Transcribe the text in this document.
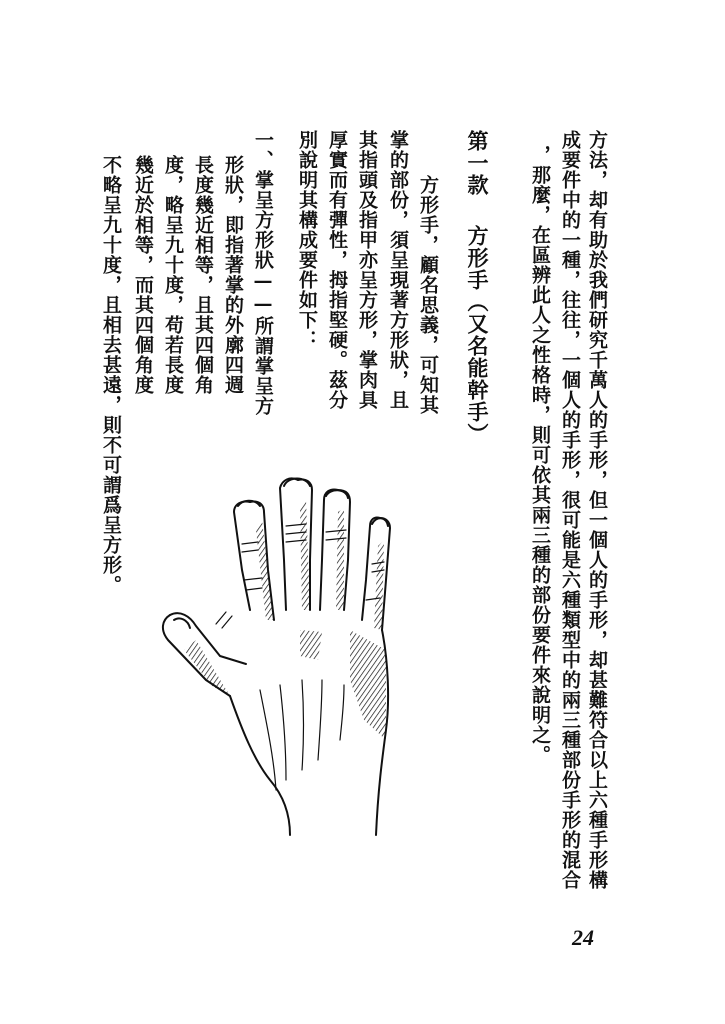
方法，却有助於我們研究千萬人的手形，但一個人的手形，却甚難符合以上六種手形構
成要件中的一種，往往，一個人的手形，很可能是六種類型中的兩三種部份手形的混合
，那麼，在區辨此人之性格時，則可依其兩三種的部份要件來說明之。
第一款
方形手（又名能幹手）
方形手，顧名思義，可知其
掌的部份，須呈現著方形狀，且
其指頭及指甲亦呈方形，掌肉具
厚實而有彈性，拇指堅硬。茲分
別說明其構成要件如下：
一、掌呈方形狀——所謂掌呈方
形狀，即指著掌的外廓四週
長度幾近相等，且其四個角
度，略呈九十度，苟若長度
幾近於相等，而其四個角度
不略呈九十度，且相去甚遠，則不可謂爲呈方形。
24
